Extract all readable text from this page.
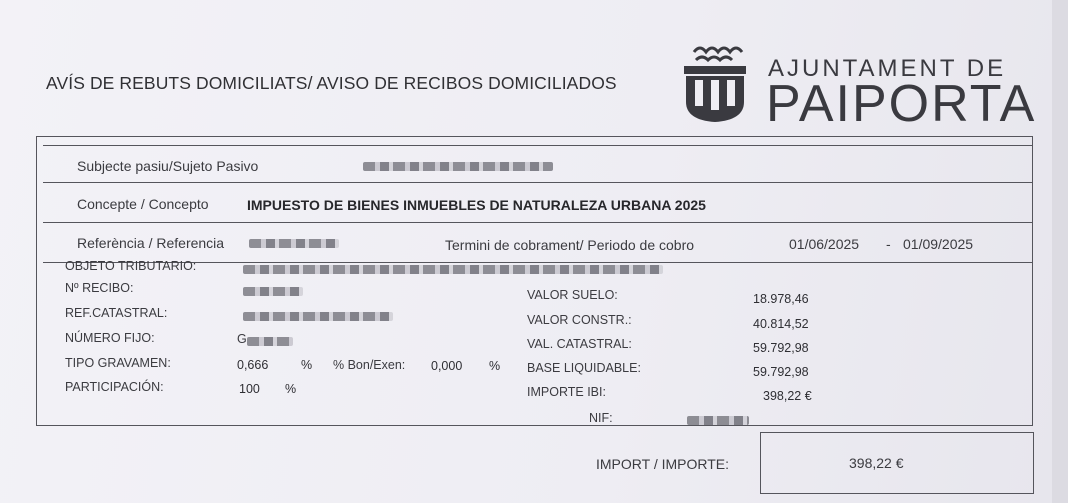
AVÍS DE REBUTS DOMICILIATS/ AVISO DE RECIBOS DOMICILIADOS
AJUNTAMENT DE
PAIPORTA
Subjecte pasiu/Sujeto Pasivo
Concepte / Concepto	IMPUESTO DE BIENES INMUEBLES DE NATURALEZA URBANA 2025
Referència / Referencia	Termini de cobrament/ Periodo de cobro	01/06/2025 - 01/09/2025
OBJETO TRIBUTARIO:
Nº RECIBO:
REF.CATASTRAL:
NÚMERO FIJO:	G
TIPO GRAVAMEN:	0,666	% % Bon/Exen: 0,000 %
PARTICIPACIÓN:	100 %
VALOR SUELO:	18.978,46
VALOR CONSTR.:	40.814,52
VAL. CATASTRAL:	59.792,98
BASE LIQUIDABLE:	59.792,98
IMPORTE IBI:	398,22 €
NIF:
IMPORT / IMPORTE:	398,22 €
